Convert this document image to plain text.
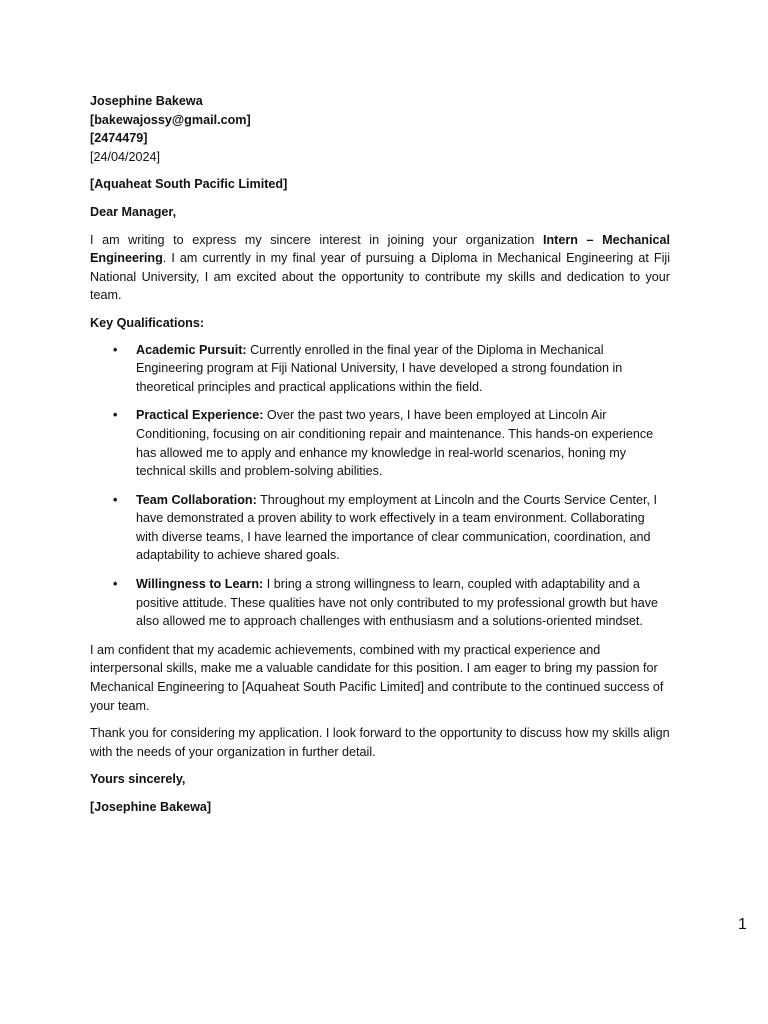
Josephine Bakewa

[bakewajossy@gmail.com]

[2474479]

[24/04/2024]

[Aquaheat South Pacific Limited]

Dear Manager,

I am writing to express my sincere interest in joining your organization Intern – Mechanical Engineering. I am currently in my final year of pursuing a Diploma in Mechanical Engineering at Fiji National University, I am excited about the opportunity to contribute my skills and dedication to your team.

Key Qualifications:

• Academic Pursuit: Currently enrolled in the final year of the Diploma in Mechanical Engineering program at Fiji National University, I have developed a strong foundation in theoretical principles and practical applications within the field.
• Practical Experience: Over the past two years, I have been employed at Lincoln Air Conditioning, focusing on air conditioning repair and maintenance. This hands-on experience has allowed me to apply and enhance my knowledge in real-world scenarios, honing my technical skills and problem-solving abilities.
• Team Collaboration: Throughout my employment at Lincoln and the Courts Service Center, I have demonstrated a proven ability to work effectively in a team environment. Collaborating with diverse teams, I have learned the importance of clear communication, coordination, and adaptability to achieve shared goals.
• Willingness to Learn: I bring a strong willingness to learn, coupled with adaptability and a positive attitude. These qualities have not only contributed to my professional growth but have also allowed me to approach challenges with enthusiasm and a solutions-oriented mindset.

I am confident that my academic achievements, combined with my practical experience and interpersonal skills, make me a valuable candidate for this position. I am eager to bring my passion for Mechanical Engineering to [Aquaheat South Pacific Limited] and contribute to the continued success of your team.

Thank you for considering my application. I look forward to the opportunity to discuss how my skills align with the needs of your organization in further detail.

Yours sincerely,

[Josephine Bakewa]

1
